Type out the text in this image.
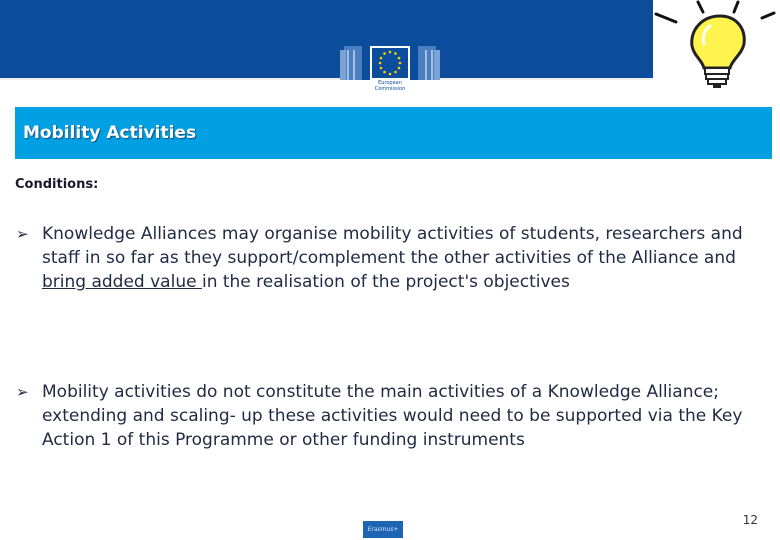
European
Commission
Mobility Activities
Conditions:
➢ Knowledge Alliances may organise mobility activities of students, researchers and staff in so far as they support/complement the other activities of the Alliance and bring added value in the realisation of the project's objectives
➢ Mobility activities do not constitute the main activities of a Knowledge Alliance; extending and scaling- up these activities would need to be supported via the Key Action 1 of this Programme or other funding instruments
12
Erasmus+
